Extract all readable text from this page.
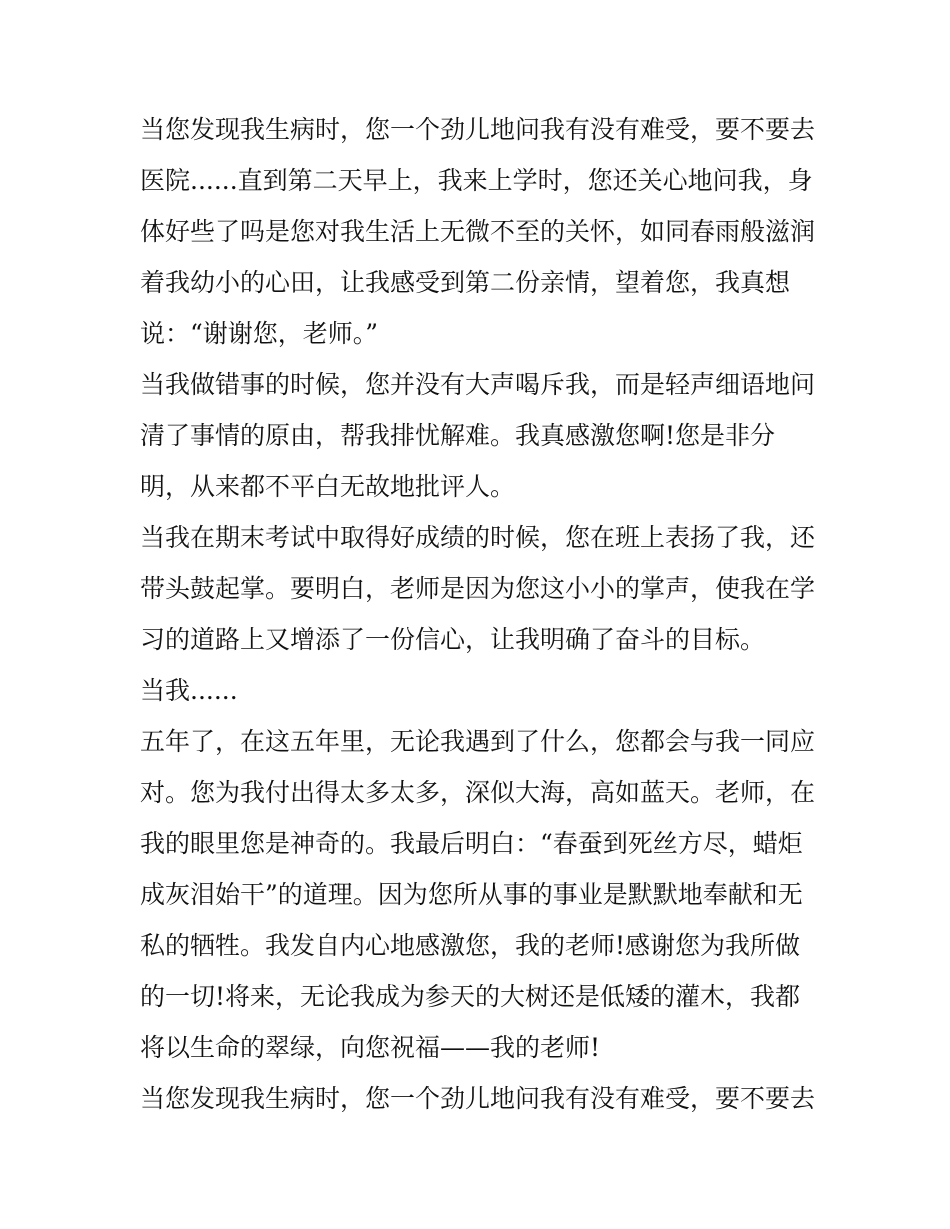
当您发现我生病时，您一个劲儿地问我有没有难受，要不要去
医院......直到第二天早上，我来上学时，您还关心地问我，身
体好些了吗是您对我生活上无微不至的关怀，如同春雨般滋润
着我幼小的心田，让我感受到第二份亲情，望着您，我真想
说：“谢谢您，老师。”
当我做错事的时候，您并没有大声喝斥我，而是轻声细语地问
清了事情的原由，帮我排忧解难。我真感激您啊!您是非分
明，从来都不平白无故地批评人。
当我在期末考试中取得好成绩的时候，您在班上表扬了我，还
带头鼓起掌。要明白，老师是因为您这小小的掌声，使我在学
习的道路上又增添了一份信心，让我明确了奋斗的目标。
当我......
五年了，在这五年里，无论我遇到了什么，您都会与我一同应
对。您为我付出得太多太多，深似大海，高如蓝天。老师，在
我的眼里您是神奇的。我最后明白：“春蚕到死丝方尽，蜡炬
成灰泪始干”的道理。因为您所从事的事业是默默地奉献和无
私的牺牲。我发自内心地感激您，我的老师!感谢您为我所做
的一切!将来，无论我成为参天的大树还是低矮的灌木，我都
将以生命的翠绿，向您祝福——我的老师!
当您发现我生病时，您一个劲儿地问我有没有难受，要不要去
